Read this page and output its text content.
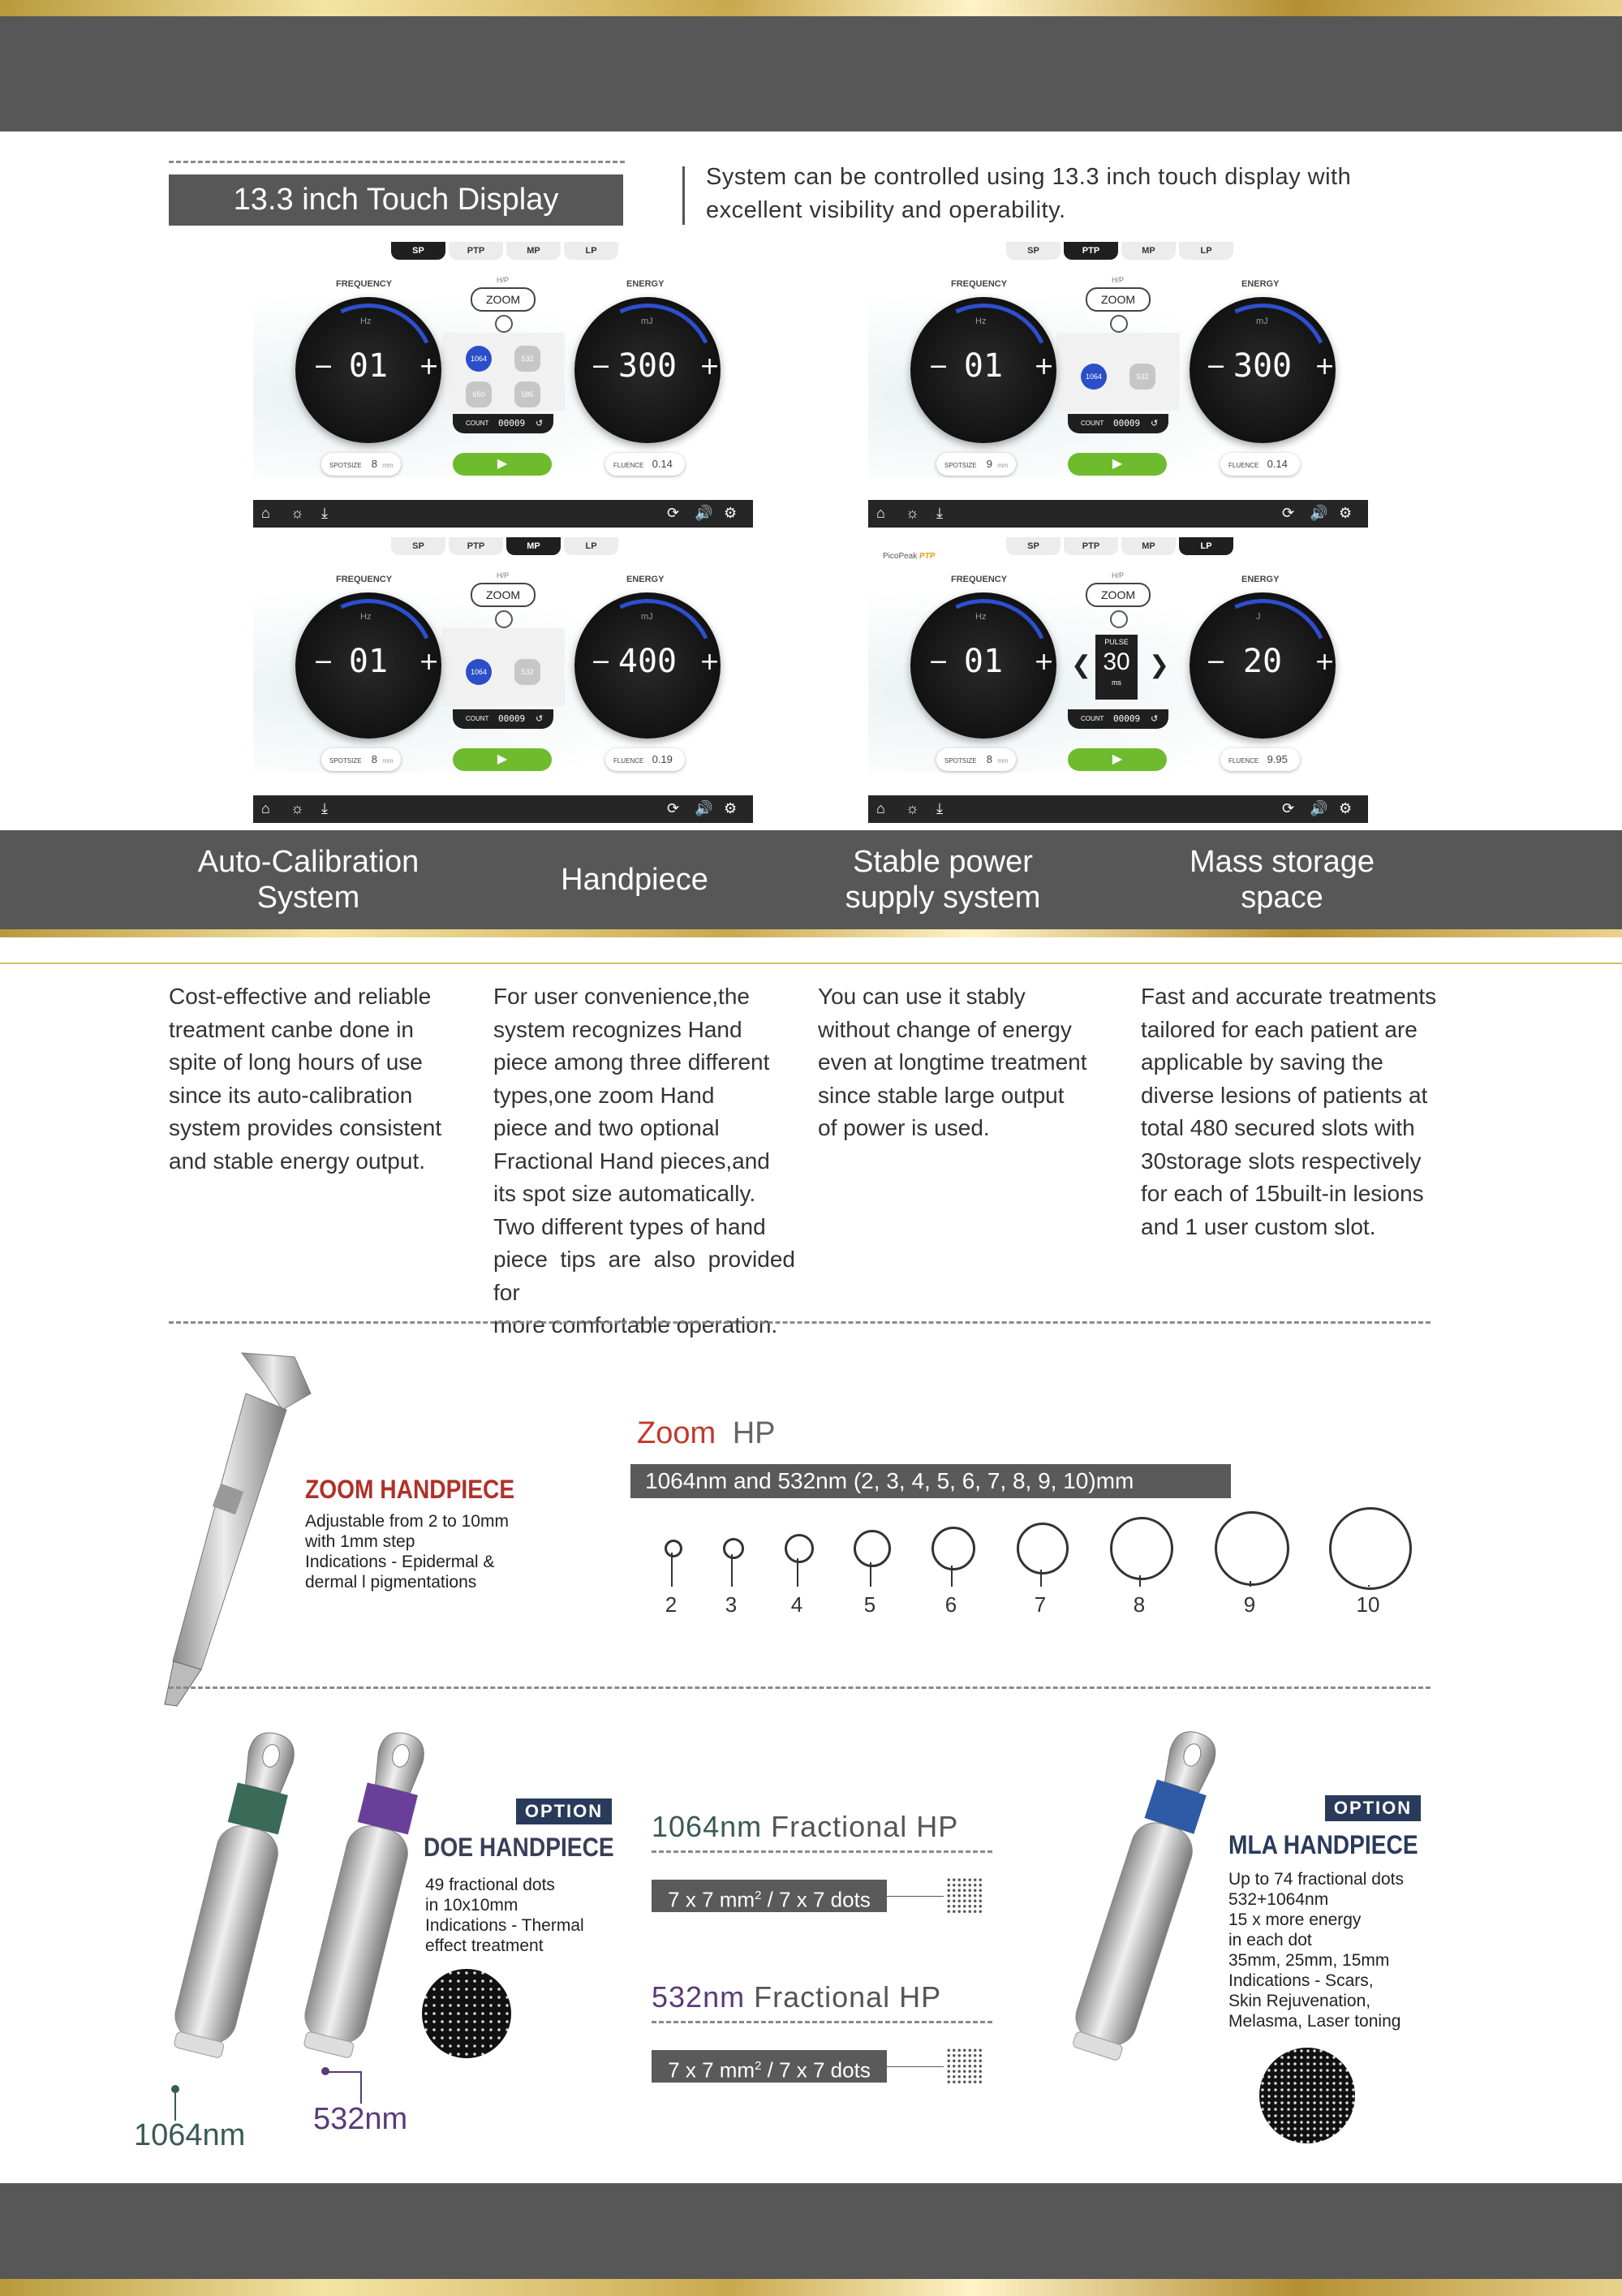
13.3 inch Touch Display
System can be controlled using 13.3 inch touch display with excellent visibility and operability.
SP	PTP	MP	LP
FREQUENCY	ENERGY
H/P
ZOOM
1064	532
650	585
Hz
− 01	+
mJ
− 300 +
COUNT 00009 ↺
SPOTSIZE 8 mm	▶	FLUENCE 0.14
⌂ ☼ ⤓	⟳ 🔊 ⚙
SP	PTP	MP	LP
FREQUENCY	ENERGY
H/P
ZOOM
1064	532
Hz
− 01	+
mJ
− 300 +
COUNT 00009 ↺
SPOTSIZE 9 mm	▶	FLUENCE 0.14
⌂ ☼ ⤓	⟳ 🔊 ⚙
SP	PTP	MP	LP
FREQUENCY	ENERGY
H/P
ZOOM
1064	532
Hz
− 01	+
mJ
− 400 +
COUNT 00009 ↺
SPOTSIZE 8 mm	▶	FLUENCE 0.19
⌂ ☼ ⤓	⟳ 🔊 ⚙
PicoPeak PTP
SP	PTP	MP	LP
FREQUENCY	ENERGY
H/P
ZOOM
❮
PULSE
30
ms
❯
Hz
− 01	+
J
− 20	+
COUNT 00009 ↺
SPOTSIZE 8 mm	▶	FLUENCE 9.95
⌂ ☼ ⤓	⟳ 🔊 ⚙
Auto-Calibration
System
Handpiece
Stable power
supply system
Mass storage
space
Cost-effective and reliable
treatment canbe done in
spite of long hours of use
since its auto-calibration
system provides consistent
and stable energy output.
For user convenience,the
system recognizes Hand
piece among three different
types,one zoom Hand
piece and two optional
Fractional Hand pieces,and
its spot size automatically.
Two different types of hand
piece tips are also provided for
more comfortable operation.
You can use it stably
without change of energy
even at longtime treatment
since stable large output
of power is used.
Fast and accurate treatments
tailored for each patient are
applicable by saving the
diverse lesions of patients at
total 480 secured slots with
30storage slots respectively
for each of 15built-in lesions
and 1 user custom slot.
ZOOM HANDPIECE
Adjustable from 2 to 10mm
with 1mm step
Indications - Epidermal &
dermal l pigmentations
Zoom HP
1064nm and 532nm (2, 3, 4, 5, 6, 7, 8, 9, 10)mm
2	3	4	5	6	7	8	9	10
1064nm 532nm
OPTION
DOE HANDPIECE
49 fractional dots
in 10x10mm
Indications - Thermal
effect treatment
1064nm Fractional HP
7 x 7 $mm^2 / 7$ x 7 dots
532nm Fractional HP
7 x 7 $mm^2 / 7$ x 7 dots
OPTION
MLA HANDPIECE
Up to 74 fractional dots
532+1064nm
15 x more energy
in each dot
35mm, 25mm, 15mm
Indications - Scars,
Skin Rejuvenation,
Melasma, Laser toning
